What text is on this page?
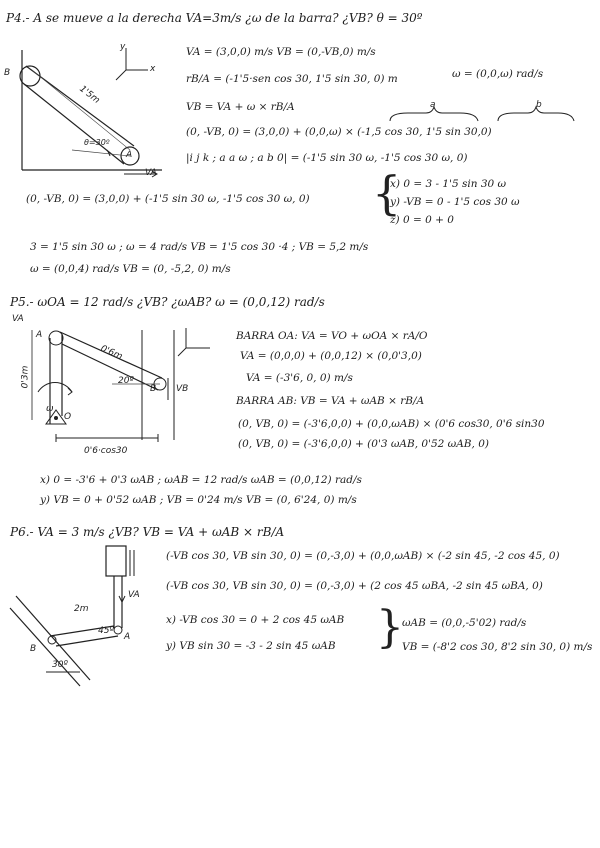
P4.- A se mueve a la derecha VA=3m/s ¿ω de la barra? ¿VB? θ = 30º
B
A
1'5m
θ=30º
VA
y
x
VA = (3,0,0) m/s VB = (0,-VB,0) m/s
rB/A = (-1'5·sen cos 30, 1'5 sin 30, 0) m	ω = (0,0,ω) rad/s
VB = VA + ω × rB/A	a	b
(0, -VB, 0) = (3,0,0) + (0,0,ω) × (-1,5 cos 30, 1'5 sin 30,0)
|i j k ; a a ω ; a b 0| = (-1'5 sin 30 ω, -1'5 cos 30 ω, 0)
(0, -VB, 0) = (3,0,0) + (-1'5 sin 30 ω, -1'5 cos 30 ω, 0) {
x) 0 = 3 - 1'5 sin 30 ω
y) -VB = 0 - 1'5 cos 30 ω
z) 0 = 0 + 0
3 = 1'5 sin 30 ω ; ω = 4 rad/s VB = 1'5 cos 30 ·4 ; VB = 5,2 m/s
ω = (0,0,4) rad/s VB = (0, -5,2, 0) m/s
P5.- ωOA = 12 rad/s ¿VB? ¿ωAB? ω = (0,0,12) rad/s
A
B
O
0'6m
0'3m	20º
0'6·cos30
VB
ω
VA
BARRA OA: VA = VO + ωOA × rA/O
VA = (0,0,0) + (0,0,12) × (0,0'3,0)
VA = (-3'6, 0, 0) m/s
BARRA AB: VB = VA + ωAB × rB/A
(0, VB, 0) = (-3'6,0,0) + (0,0,ωAB) × (0'6 cos30, 0'6 sin30
(0, VB, 0) = (-3'6,0,0) + (0'3 ωAB, 0'52 ωAB, 0)
x) 0 = -3'6 + 0'3 ωAB ; ωAB = 12 rad/s ωAB = (0,0,12) rad/s
y) VB = 0 + 0'52 ωAB ; VB = 0'24 m/s VB = (0, 6'24, 0) m/s
P6.- VA = 3 m/s ¿VB? VB = VA + ωAB × rB/A
A
B
2m
45º
30º
VA
(-VB cos 30, VB sin 30, 0) = (0,-3,0) + (0,0,ωAB) × (-2 sin 45, -2 cos 45, 0)
(-VB cos 30, VB sin 30, 0) = (0,-3,0) + (2 cos 45 ωBA, -2 sin 45 ωBA, 0)
x) -VB cos 30 = 0 + 2 cos 45 ωAB
y) VB sin 30 = -3 - 2 sin 45 ωAB }
ωAB = (0,0,-5'02) rad/s
VB = (-8'2 cos 30, 8'2 sin 30, 0) m/s
